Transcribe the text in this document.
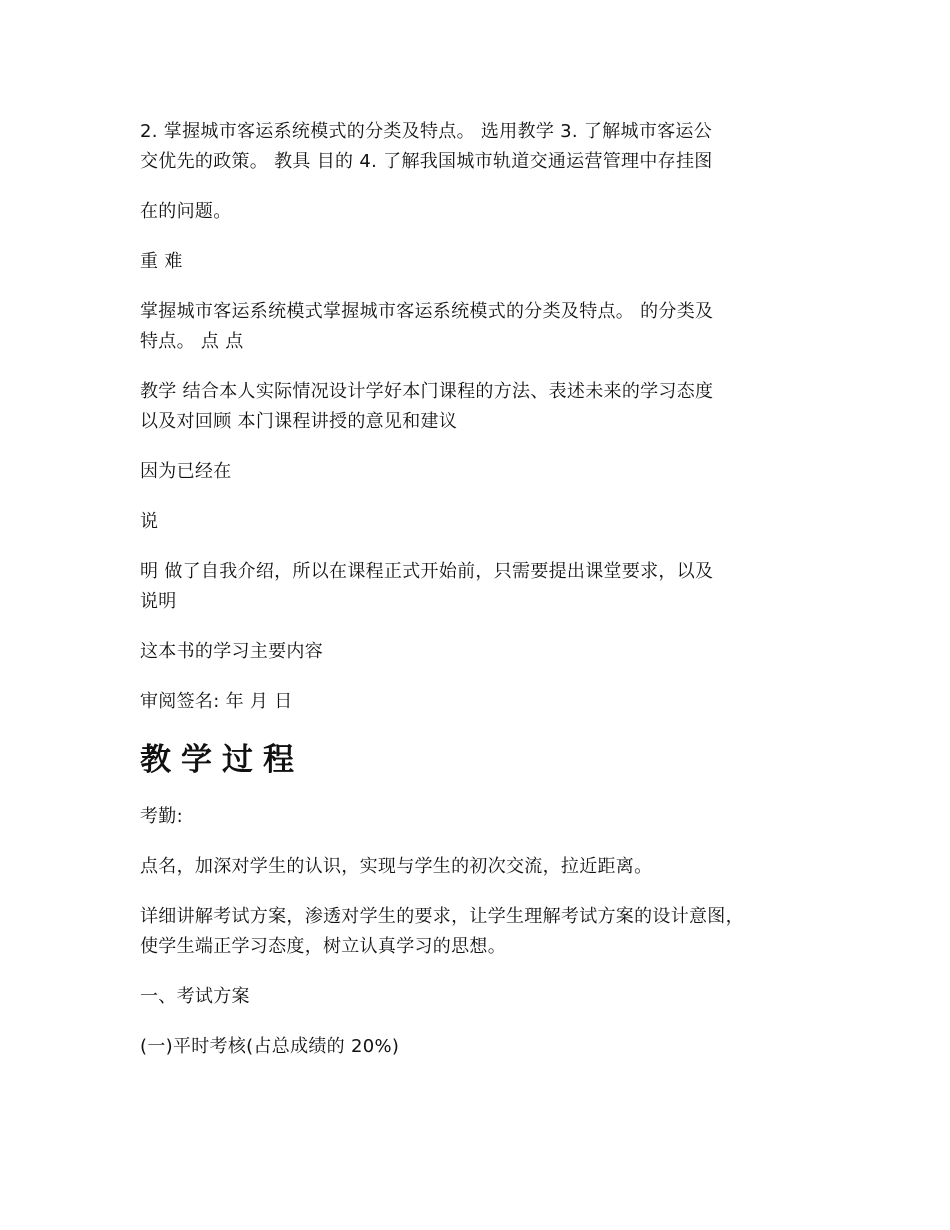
2. 掌握城市客运系统模式的分类及特点。 选用教学 3. 了解城市客运公
交优先的政策。 教具 目的 4. 了解我国城市轨道交通运营管理中存挂图

在的问题。

重 难

掌握城市客运系统模式掌握城市客运系统模式的分类及特点。 的分类及
特点。 点 点

教学 结合本人实际情况设计学好本门课程的方法、表述未来的学习态度
以及对回顾 本门课程讲授的意见和建议

因为已经在

说

明 做了自我介绍，所以在课程正式开始前，只需要提出课堂要求，以及
说明

这本书的学习主要内容

审阅签名: 年 月 日

教学过程

考勤:

点名，加深对学生的认识，实现与学生的初次交流，拉近距离。

详细讲解考试方案，渗透对学生的要求，让学生理解考试方案的设计意图，
使学生端正学习态度，树立认真学习的思想。

一、考试方案

(一)平时考核(占总成绩的 20%)
